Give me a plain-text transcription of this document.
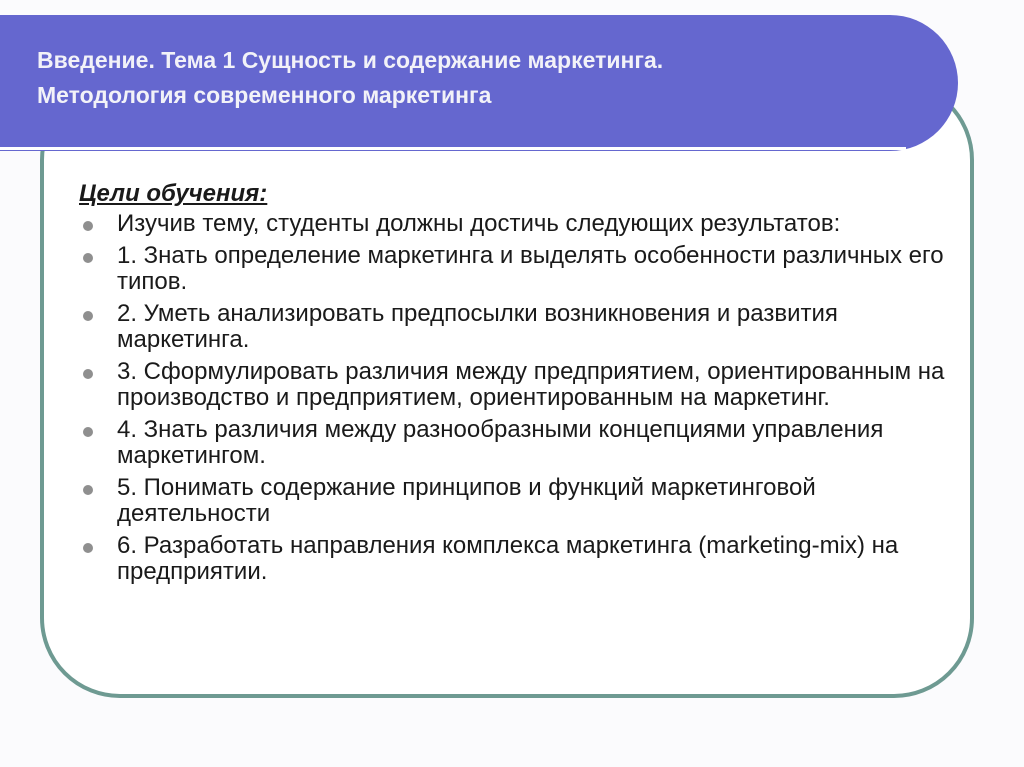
Введение. Тема 1 Сущность и содержание маркетинга.
Методология современного маркетинга

Цели обучения:

Изучив тему, студенты должны достичь следующих результатов:
1. Знать определение маркетинга и выделять особенности различных его типов.
2. Уметь анализировать предпосылки возникновения и развития маркетинга.
3. Сформулировать различия между предприятием, ориентированным на производство и предприятием, ориентированным на маркетинг.
4. Знать различия между разнообразными концепциями управления маркетингом.
5. Понимать содержание принципов и функций маркетинговой деятельности
6. Разработать направления комплекса маркетинга (marketing-mix) на предприятии.
